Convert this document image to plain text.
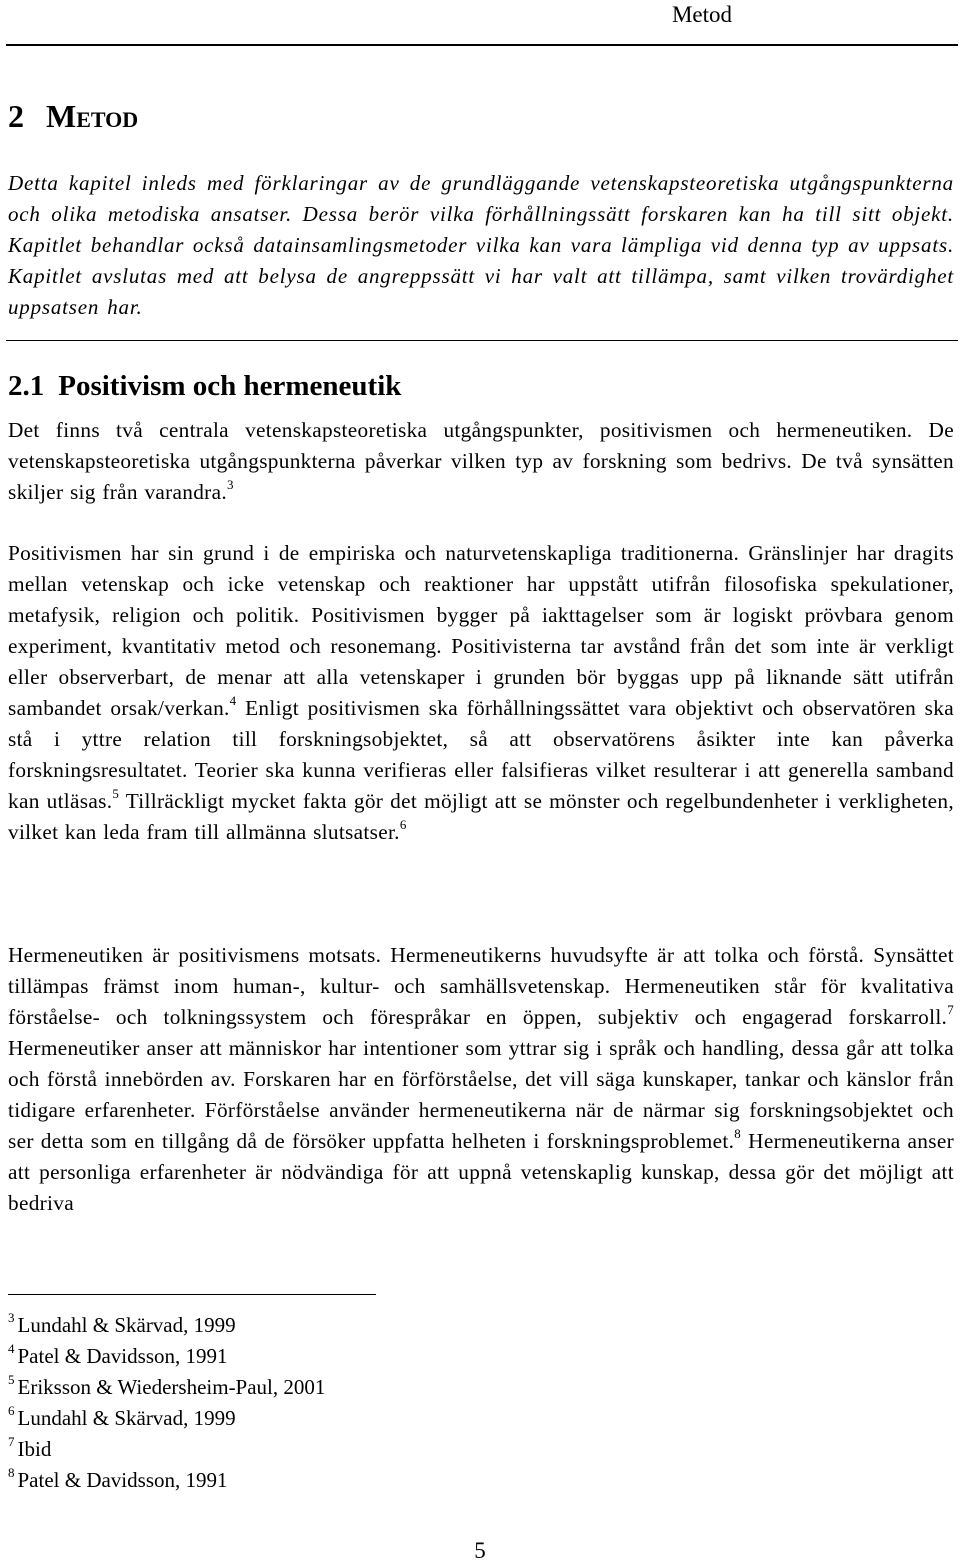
Metod
2 Metod

Detta kapitel inleds med förklaringar av de grundläggande vetenskapsteoretiska utgångspunkterna och olika metodiska ansatser. Dessa berör vilka förhållningssätt forskaren kan ha till sitt objekt. Kapitlet behandlar också datainsamlingsmetoder vilka kan vara lämpliga vid denna typ av uppsats. Kapitlet avslutas med att belysa de angreppssätt vi har valt att tillämpa, samt vilken trovärdighet uppsatsen har.

2.1 Positivism och hermeneutik

Det finns två centrala vetenskapsteoretiska utgångspunkter, positivismen och hermeneutiken. De vetenskapsteoretiska utgångspunkterna påverkar vilken typ av forskning som bedrivs. De två synsätten skiljer sig från varandra.$^3$

Positivismen har sin grund i de empiriska och naturvetenskapliga traditionerna. Gränslinjer har dragits mellan vetenskap och icke vetenskap och reaktioner har uppstått utifrån filosofiska spekulationer, metafysik, religion och politik. Positivismen bygger på iakttagelser som är logiskt prövbara genom experiment, kvantitativ metod och resonemang. Positivisterna tar avstånd från det som inte är verkligt eller observerbart, de menar att alla vetenskaper i grunden bör byggas upp på liknande sätt utifrån sambandet orsak/verkan.$^4$ Enligt positivismen ska förhållningssättet vara objektivt och observatören ska stå i yttre relation till forskningsobjektet, så att observatörens åsikter inte kan påverka forskningsresultatet. Teorier ska kunna verifieras eller falsifieras vilket resulterar i att generella samband kan utläsas.$^5$ Tillräckligt mycket fakta gör det möjligt att se mönster och regelbundenheter i verkligheten, vilket kan leda fram till allmänna slutsatser.$^6$

Hermeneutiken är positivismens motsats. Hermeneutikerns huvudsyfte är att tolka och förstå. Synsättet tillämpas främst inom human-, kultur- och samhällsvetenskap. Hermeneutiken står för kvalitativa förståelse- och tolkningssystem och förespråkar en öppen, subjektiv och engagerad forskarroll.$^7$ Hermeneutiker anser att människor har intentioner som yttrar sig i språk och handling, dessa går att tolka och förstå innebörden av. Forskaren har en förförståelse, det vill säga kunskaper, tankar och känslor från tidigare erfarenheter. Förförståelse använder hermeneutikerna när de närmar sig forskningsobjektet och ser detta som en tillgång då de försöker uppfatta helheten i forskningsproblemet.$^8$ Hermeneutikerna anser att personliga erfarenheter är nödvändiga för att uppnå vetenskaplig kunskap, dessa gör det möjligt att bedriva

$^3$ Lundahl & Skärvad, 1999
$^4$ Patel & Davidsson, 1991
$^5$ Eriksson & Wiedersheim-Paul, 2001
$^6$ Lundahl & Skärvad, 1999
$^7$ Ibid
$^8$ Patel & Davidsson, 1991
5
